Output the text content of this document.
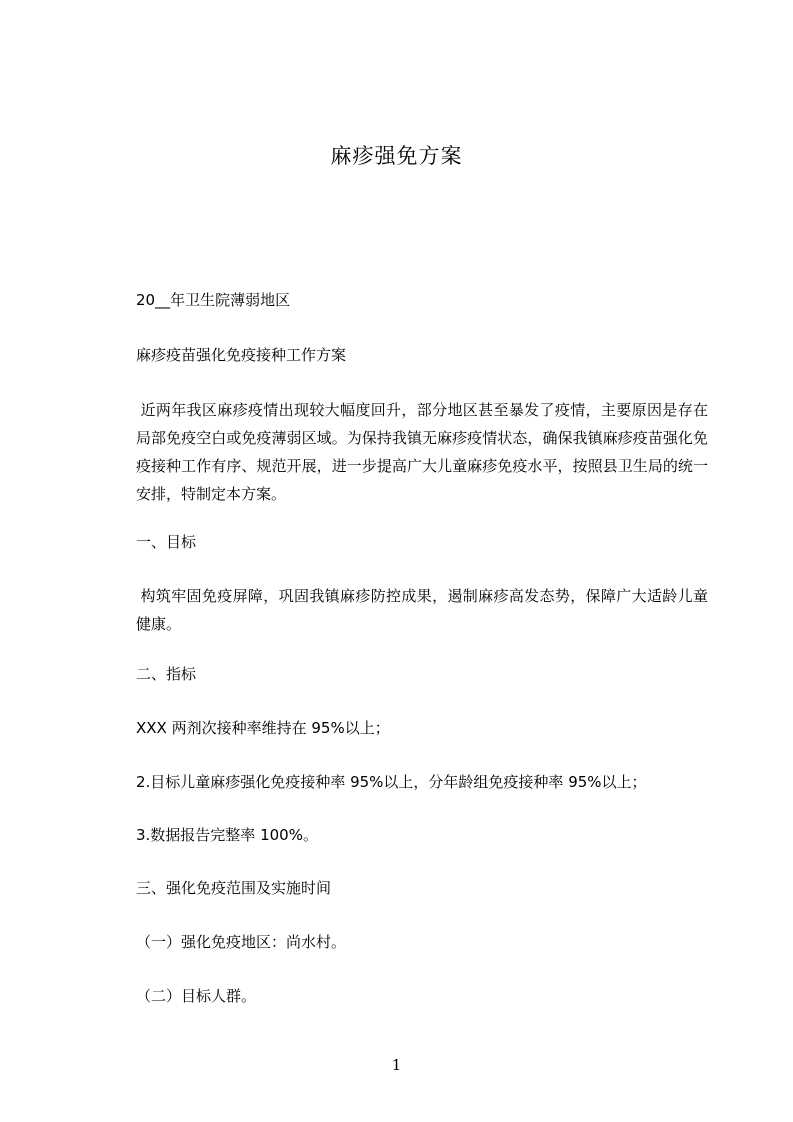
麻疹强免方案
20__年卫生院薄弱地区
麻疹疫苗强化免疫接种工作方案
近两年我区麻疹疫情出现较大幅度回升，部分地区甚至暴发了疫情，主要原因是存在局部免疫空白或免疫薄弱区域。为保持我镇无麻疹疫情状态，确保我镇麻疹疫苗强化免疫接种工作有序、规范开展，进一步提高广大儿童麻疹免疫水平，按照县卫生局的统一安排，特制定本方案。
一、目标
构筑牢固免疫屏障，巩固我镇麻疹防控成果，遏制麻疹高发态势，保障广大适龄儿童健康。
二、指标
XXX 两剂次接种率维持在 95%以上；
2.目标儿童麻疹强化免疫接种率 95%以上，分年龄组免疫接种率 95%以上；
3.数据报告完整率 100%。
三、强化免疫范围及实施时间
（一）强化免疫地区：尚水村。
（二）目标人群。
1
